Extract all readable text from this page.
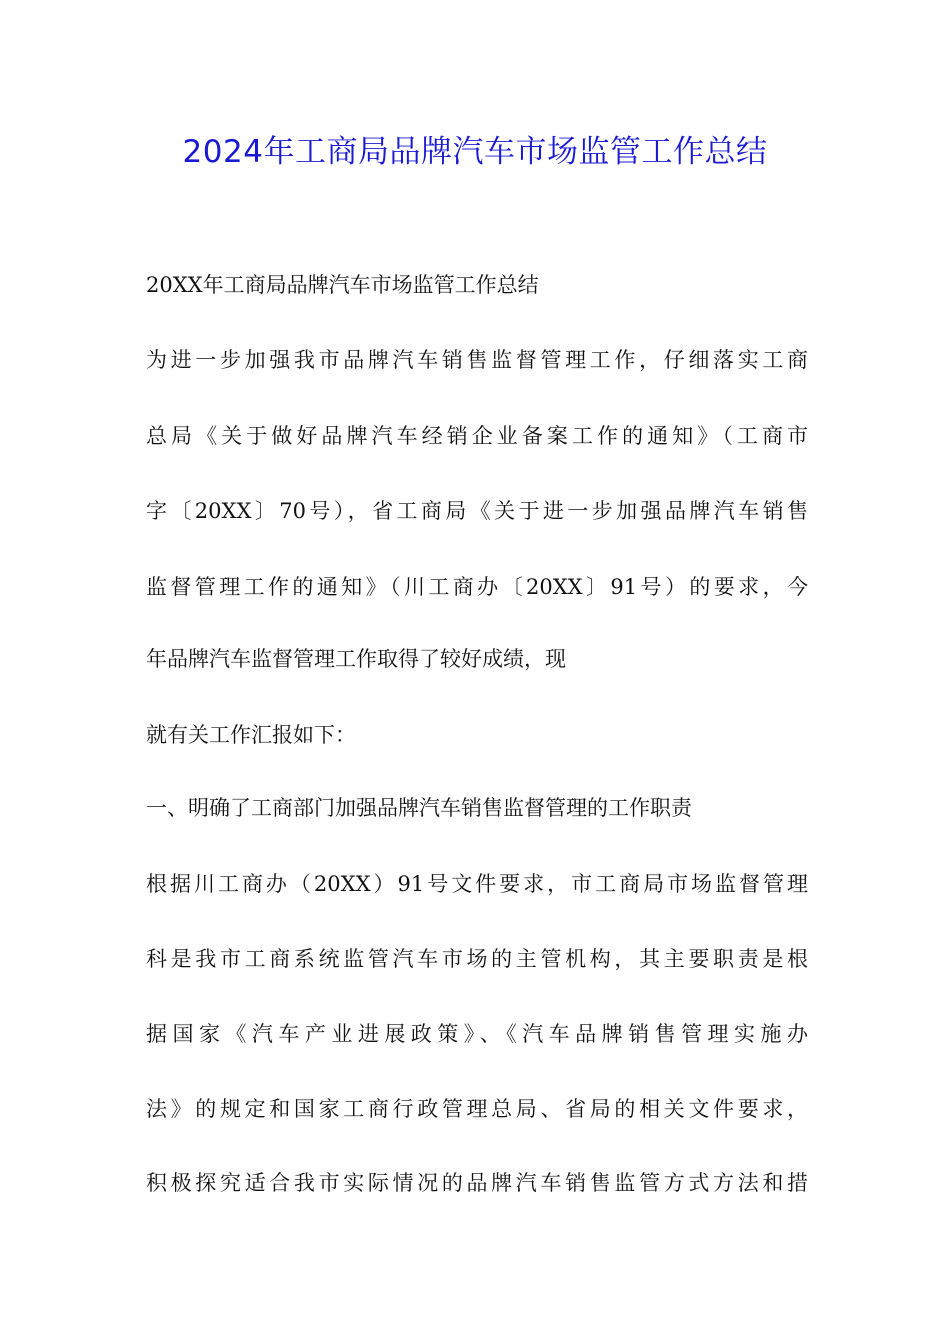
2024年工商局品牌汽车市场监管工作总结
20XX年工商局品牌汽车市场监管工作总结
为进一步加强我市品牌汽车销售监督管理工作，仔细落实工商
总局《关于做好品牌汽车经销企业备案工作的通知》（工商市
字〔20XX〕70号），省工商局《关于进一步加强品牌汽车销售
监督管理工作的通知》（川工商办〔20XX〕91号）的要求，今
年品牌汽车监督管理工作取得了较好成绩，现
就有关工作汇报如下：
一、明确了工商部门加强品牌汽车销售监督管理的工作职责
根据川工商办（20XX）91号文件要求，市工商局市场监督管理
科是我市工商系统监管汽车市场的主管机构，其主要职责是根
据国家《汽车产业进展政策》、《汽车品牌销售管理实施办
法》的规定和国家工商行政管理总局、省局的相关文件要求，
积极探究适合我市实际情况的品牌汽车销售监管方式方法和措
